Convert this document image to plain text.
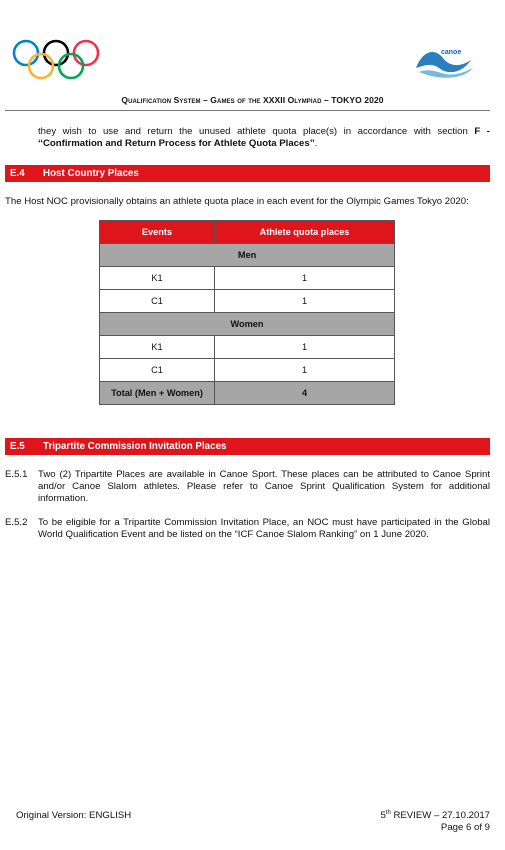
canoe
Qualification System – Games of the XXXII Olympiad – TOKYO 2020
they wish to use and return the unused athlete quota place(s) in accordance with section F - ‘‘Confirmation and Return Process for Athlete Quota Places’’.
E.4 Host Country Places
The Host NOC provisionally obtains an athlete quota place in each event for the Olympic Games Tokyo 2020:
Events	Athlete quota places
Men	
K1	1
C1	1
Women	
K1	1
C1	1
Total (Men + Women)	4
E.5 Tripartite Commission Invitation Places
E.5.1 Two (2) Tripartite Places are available in Canoe Sport. These places can be attributed to Canoe Sprint and/or Canoe Slalom athletes. Please refer to Canoe Sprint Qualification System for additional information.
E.5.2 To be eligible for a Tripartite Commission Invitation Place, an NOC must have participated in the Global World Qualification Event and be listed on the “ICF Canoe Slalom Ranking” on 1 June 2020.
Original Version: ENGLISH	5th REVIEW – 27.10.2017
Page 6 of 9
